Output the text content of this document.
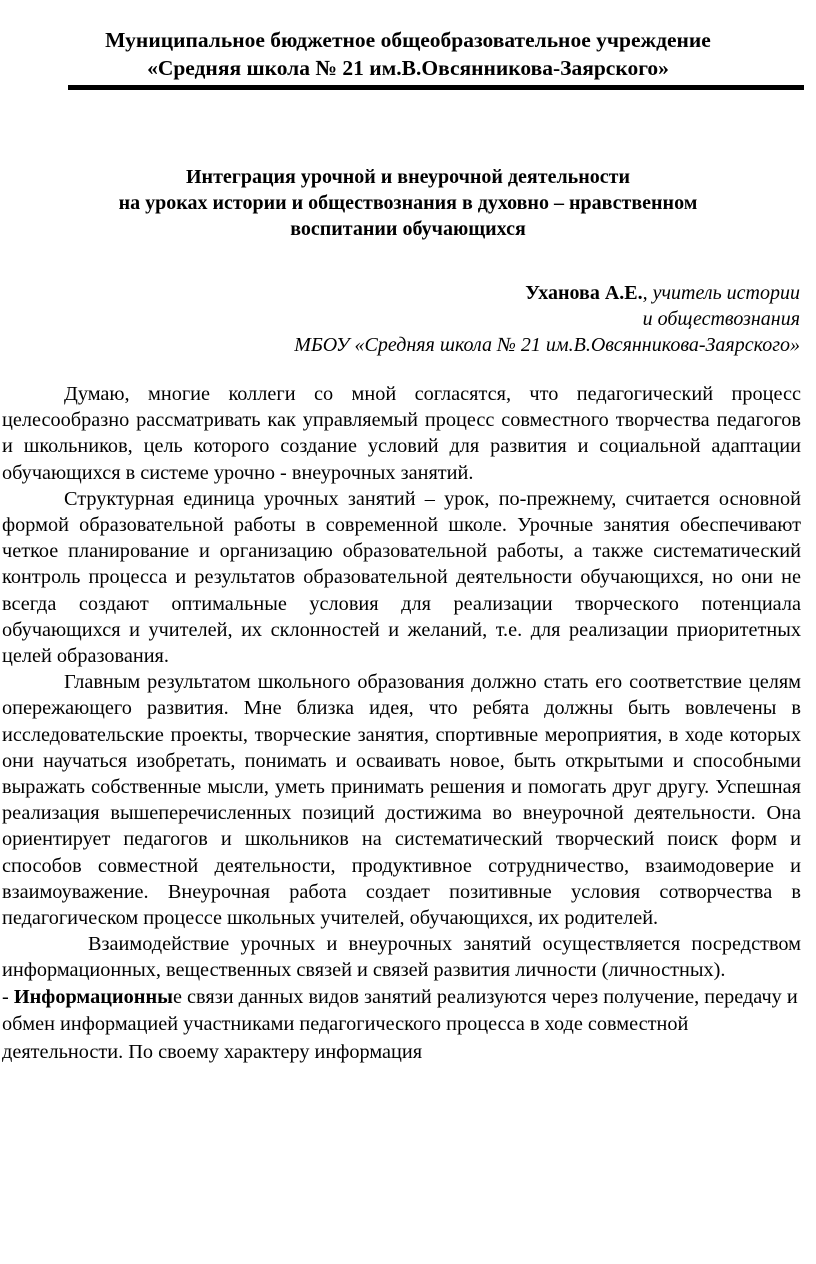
Муниципальное бюджетное общеобразовательное учреждение
«Средняя школа № 21 им.В.Овсянникова-Заярского»
Интеграция урочной и внеурочной деятельности
на уроках истории и обществознания в духовно – нравственном
воспитании обучающихся
Уханова А.Е., учитель истории
и обществознания
МБОУ «Средняя школа № 21 им.В.Овсянникова-Заярского»

Думаю, многие коллеги со мной согласятся, что педагогический процесс целесообразно рассматривать как управляемый процесс совместного творчества педагогов и школьников, цель которого создание условий для развития и социальной адаптации обучающихся в системе урочно - внеурочных занятий.

Структурная единица урочных занятий – урок, по-прежнему, считается основной формой образовательной работы в современной школе. Урочные занятия обеспечивают четкое планирование и организацию образовательной работы, а также систематический контроль процесса и результатов образовательной деятельности обучающихся, но они не всегда создают оптимальные условия для реализации творческого потенциала обучающихся и учителей, их склонностей и желаний, т.е. для реализации приоритетных целей образования.

Главным результатом школьного образования должно стать его соответствие целям опережающего развития. Мне близка идея, что ребята должны быть вовлечены в исследовательские проекты, творческие занятия, спортивные мероприятия, в ходе которых они научаться изобретать, понимать и осваивать новое, быть открытыми и способными выражать собственные мысли, уметь принимать решения и помогать друг другу. Успешная реализация вышеперечисленных позиций достижима во внеурочной деятельности. Она ориентирует педагогов и школьников на систематический творческий поиск форм и способов совместной деятельности, продуктивное сотрудничество, взаимодоверие и взаимоуважение. Внеурочная работа создает позитивные условия сотворчества в педагогическом процессе школьных учителей, обучающихся, их родителей.

Взаимодействие урочных и внеурочных занятий осуществляется посредством информационных, вещественных связей и связей развития личности (личностных).

- Информационные связи данных видов занятий реализуются через получение, передачу и обмен информацией участниками педагогического процесса в ходе совместной деятельности. По своему характеру информация
